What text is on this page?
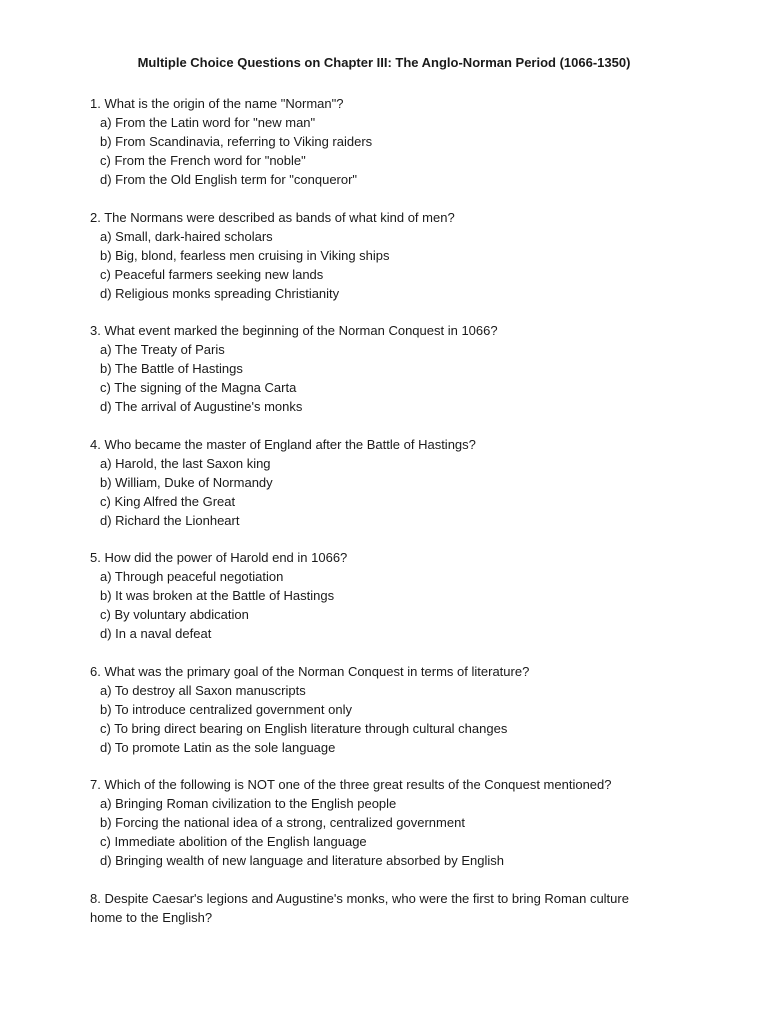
Multiple Choice Questions on Chapter III: The Anglo-Norman Period (1066-1350)
1. What is the origin of the name "Norman"?
a) From the Latin word for "new man"
b) From Scandinavia, referring to Viking raiders
c) From the French word for "noble"
d) From the Old English term for "conqueror"
2. The Normans were described as bands of what kind of men?
a) Small, dark-haired scholars
b) Big, blond, fearless men cruising in Viking ships
c) Peaceful farmers seeking new lands
d) Religious monks spreading Christianity
3. What event marked the beginning of the Norman Conquest in 1066?
a) The Treaty of Paris
b) The Battle of Hastings
c) The signing of the Magna Carta
d) The arrival of Augustine's monks
4. Who became the master of England after the Battle of Hastings?
a) Harold, the last Saxon king
b) William, Duke of Normandy
c) King Alfred the Great
d) Richard the Lionheart
5. How did the power of Harold end in 1066?
a) Through peaceful negotiation
b) It was broken at the Battle of Hastings
c) By voluntary abdication
d) In a naval defeat
6. What was the primary goal of the Norman Conquest in terms of literature?
a) To destroy all Saxon manuscripts
b) To introduce centralized government only
c) To bring direct bearing on English literature through cultural changes
d) To promote Latin as the sole language
7. Which of the following is NOT one of the three great results of the Conquest mentioned?
a) Bringing Roman civilization to the English people
b) Forcing the national idea of a strong, centralized government
c) Immediate abolition of the English language
d) Bringing wealth of new language and literature absorbed by English
8. Despite Caesar's legions and Augustine's monks, who were the first to bring Roman culture
home to the English?
